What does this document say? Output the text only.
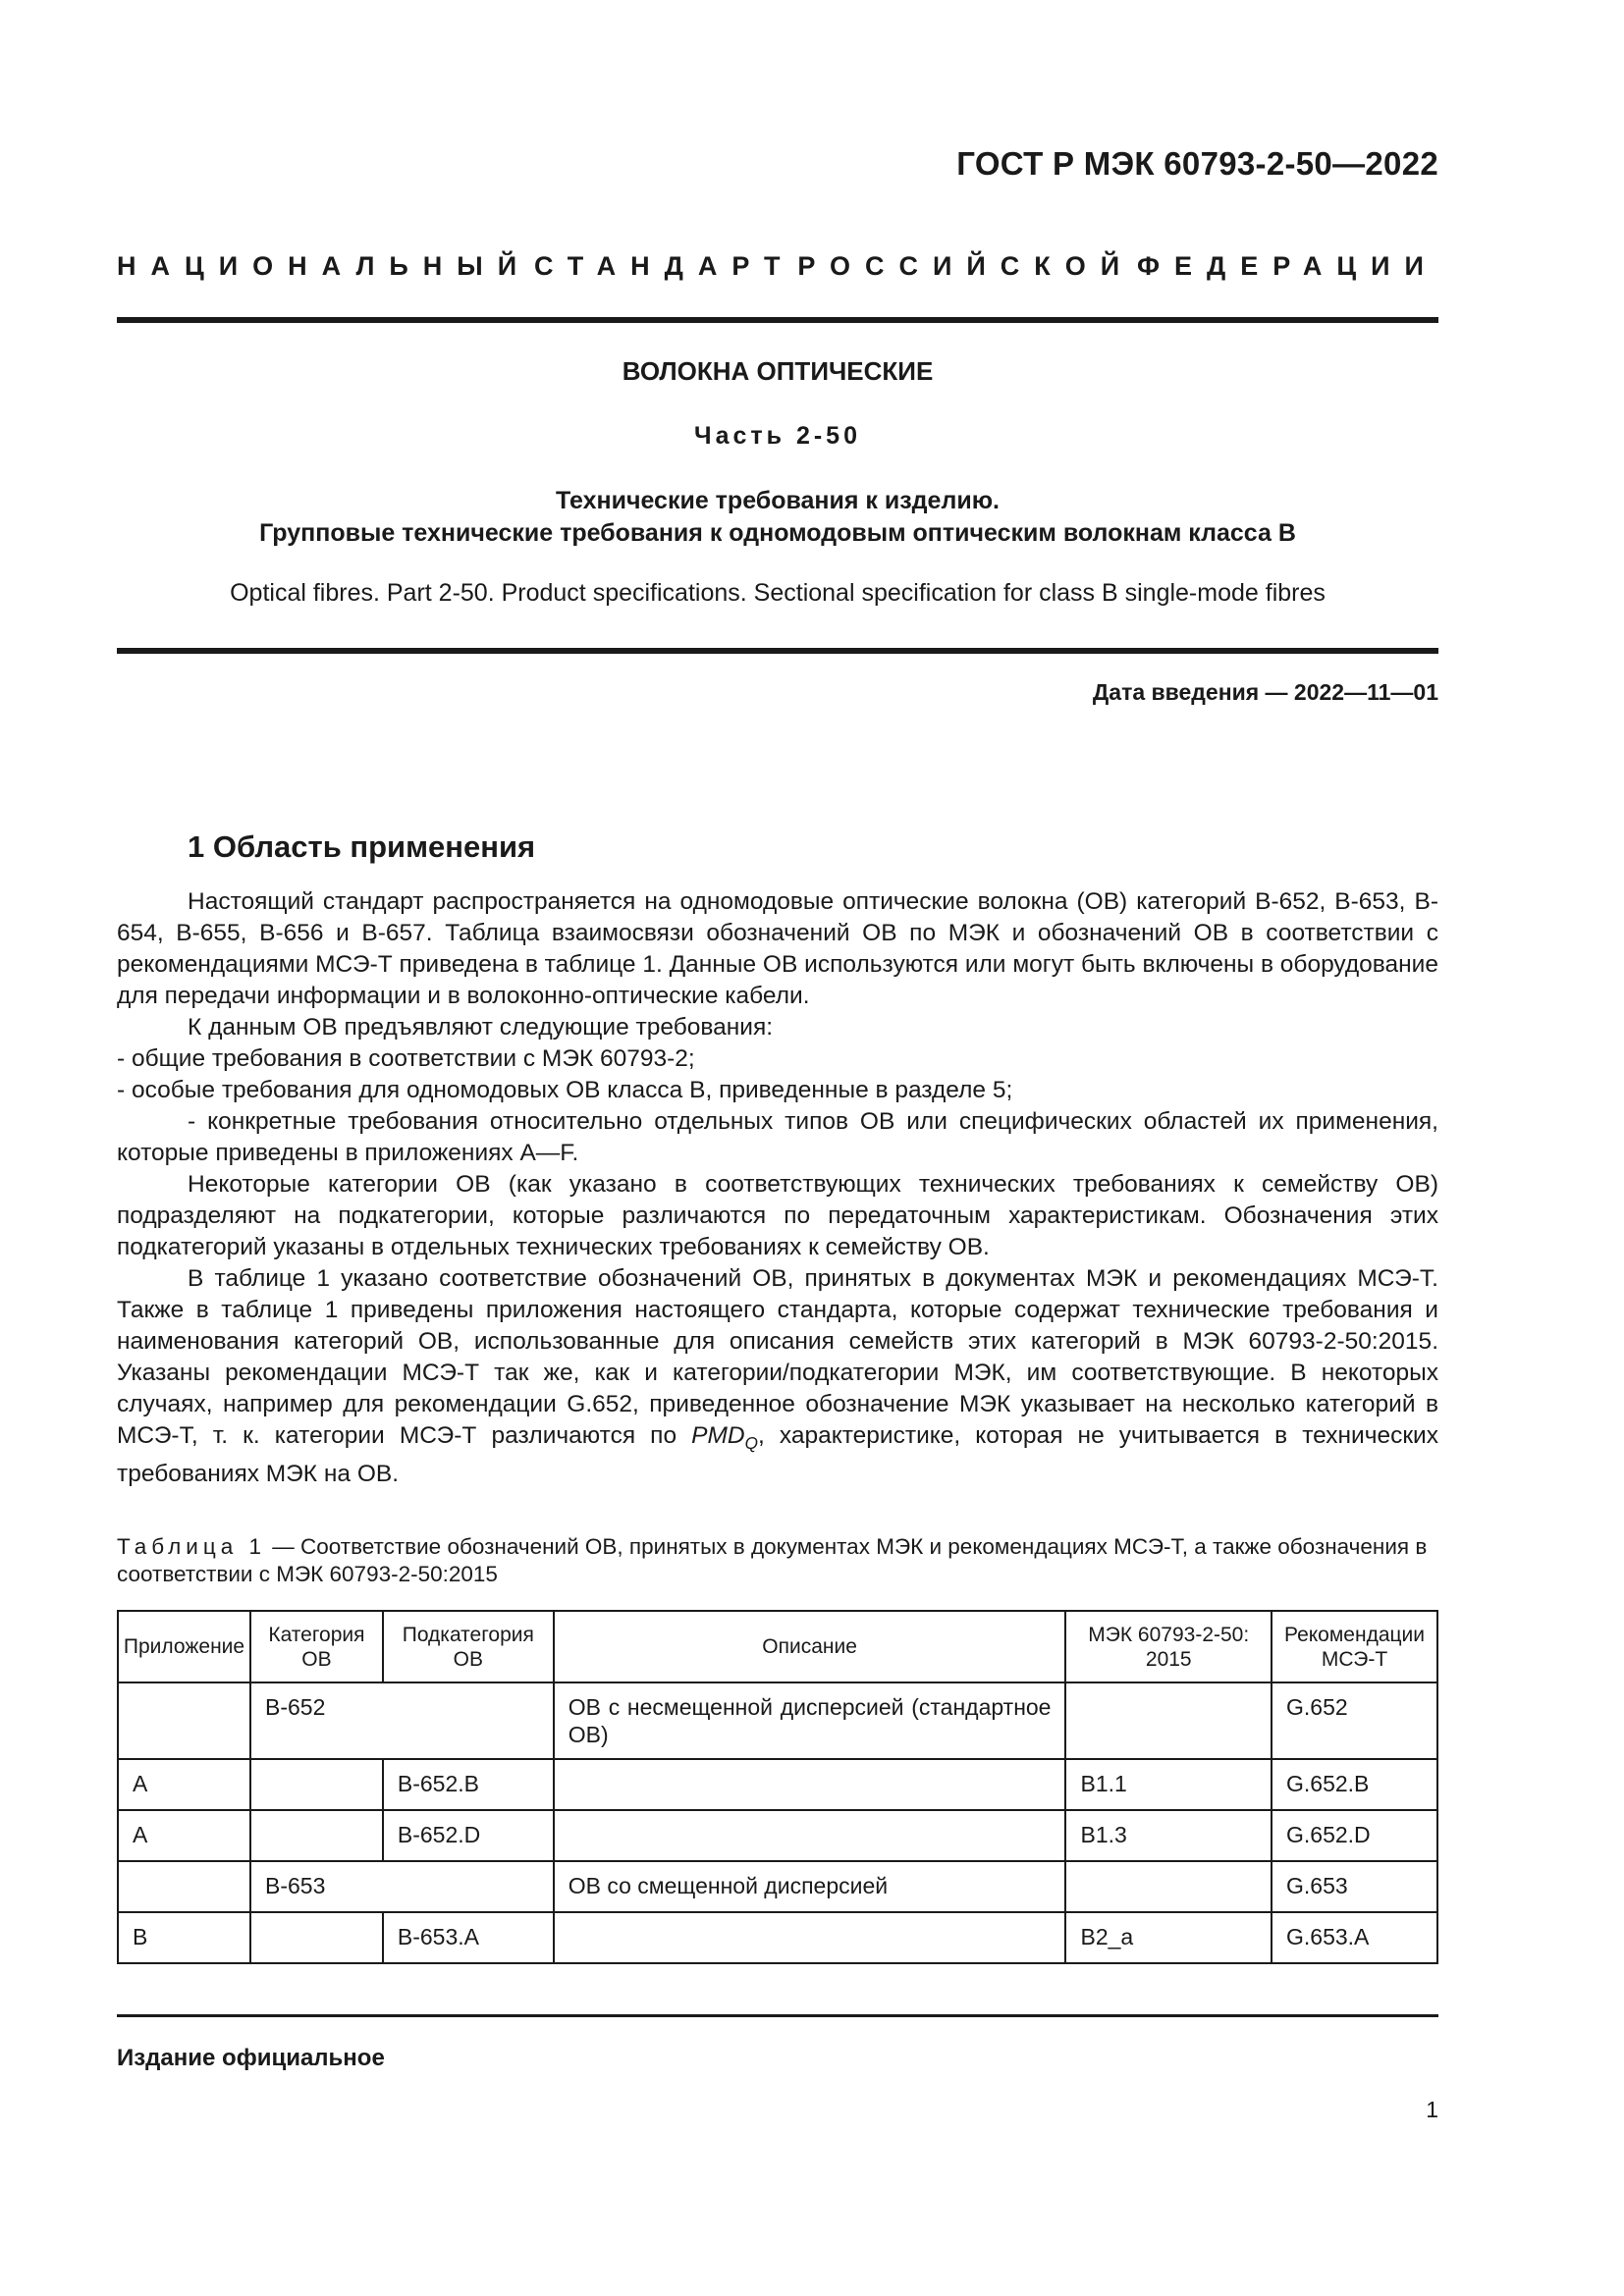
ГОСТ Р МЭК 60793-2-50—2022
НАЦИОНАЛЬНЫЙ СТАНДАРТ РОССИЙСКОЙ ФЕДЕРАЦИИ
ВОЛОКНА ОПТИЧЕСКИЕ
Часть 2-50
Технические требования к изделию.
Групповые технические требования к одномодовым оптическим волокнам класса B
Optical fibres. Part 2-50. Product specifications. Sectional specification for class B single-mode fibres
Дата введения — 2022—11—01
1 Область применения

Настоящий стандарт распространяется на одномодовые оптические волокна (ОВ) категорий B-652, B-653, B-654, B-655, B-656 и B-657. Таблица взаимосвязи обозначений ОВ по МЭК и обозначений ОВ в соответствии с рекомендациями МСЭ-Т приведена в таблице 1. Данные ОВ используются или могут быть включены в оборудование для передачи информации и в волоконно-оптические кабели.

К данным ОВ предъявляют следующие требования:

- общие требования в соответствии с МЭК 60793-2;

- особые требования для одномодовых ОВ класса B, приведенные в разделе 5;

- конкретные требования относительно отдельных типов ОВ или специфических областей их применения, которые приведены в приложениях А—F.

Некоторые категории ОВ (как указано в соответствующих технических требованиях к семейству ОВ) подразделяют на подкатегории, которые различаются по передаточным характеристикам. Обозначения этих подкатегорий указаны в отдельных технических требованиях к семейству ОВ.

В таблице 1 указано соответствие обозначений ОВ, принятых в документах МЭК и рекомендациях МСЭ-Т. Также в таблице 1 приведены приложения настоящего стандарта, которые содержат технические требования и наименования категорий ОВ, использованные для описания семейств этих категорий в МЭК 60793-2-50:2015. Указаны рекомендации МСЭ-Т так же, как и категории/подкатегории МЭК, им соответствующие. В некоторых случаях, например для рекомендации G.652, приведенное обозначение МЭК указывает на несколько категорий в МСЭ-Т, т. к. категории МСЭ-Т различаются по $PMD_Q$, характеристике, которая не учитывается в технических требованиях МЭК на ОВ.

Таблица 1 — Соответствие обозначений ОВ, принятых в документах МЭК и рекомендациях МСЭ-Т, а также обозначения в соответствии с МЭК 60793-2-50:2015
Приложение	Категория ОВ	Подкатегория ОВ	Описание	МЭК 60793-2-50: 2015	Рекомендации МСЭ-Т
	B-652		ОВ с несмещенной дисперсией (стандартное ОВ)		G.652
А		B-652.B		B1.1	G.652.B
А		B-652.D		B1.3	G.652.D
	B-653		ОВ со смещенной дисперсией		G.653
B		B-653.A		B2_a	G.653.A
Издание официальное
1
